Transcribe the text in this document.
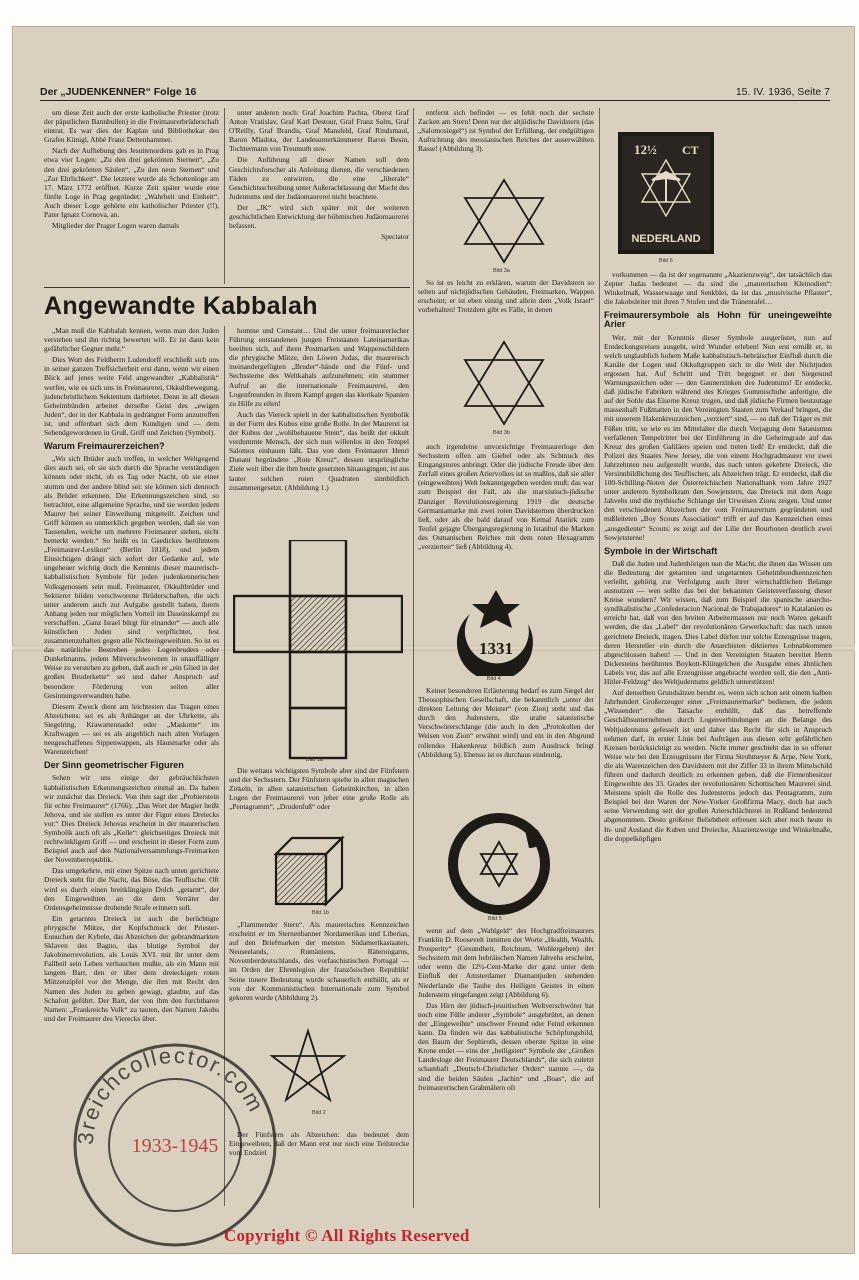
Der „JUDENKENNER“ Folge 16	15. IV. 1936, Seite 7

um diese Zeit auch der erste katholische Priester (trotz der päpstlichen Bannbullen) in die Freimaurerbrüderschaft eintrat. Es war dies der Kaplan und Bibliothekar des Grafen Künigl, Abbé Franz Dettenhammer.

Nach der Aufhebung des Jesuitenordens gab es in Prag etwa vier Logen: „Zu den drei gekrönten Sternen“, „Zu den drei gekrönten Säulen“, „Zu den neun Sternen“ und „Zur Ehrlichkeit“. Die letztere wurde als Schottenloge am 17. März 1772 eröffnet. Kurze Zeit später wurde eine fünfte Loge in Prag gegründet: „Wahrheit und Einheit“. Auch dieser Loge gehörte ein katholischer Priester (!!), Pater Ignatz Cornova, an.

Mitglieder der Prager Logen waren damals

unter anderen noch: Graf Joachim Pachta, Oberst Graf Anton Vratislav, Graf Karl Destour, Graf Franz Salm, Graf O'Reilly, Graf Brandis, Graf Mansfeld, Graf Rindsmaul, Baron Mladota, der Landesunterkämmerer Baron Besin, Tochtermann von Treumuth usw.

Die Anführung all dieser Namen soll dem Geschichtsforscher als Anleitung dienen, die verschiedenen Fäden zu entwirren, die eine „liberale“ Geschichtsschreibung unter Außerachtlassung der Macht des Judentums und der Judäomaurerei nicht beachtete.

Der „JK“ wird sich später mit der weiteren geschichtlichen Entwicklung der böhmischen Judäomaurerei befassen.

Spectator

Angewandte Kabbalah

„Man muß die Kabbalah kennen, wenn man den Juden verstehen und ihn richtig bewerten will. Er ist dann kein gefährlicher Gegner mehr.“

Dies Wort des Feldherrn Ludendorff erschließt sich uns in seiner ganzen Treffsicherheit erst dann, wenn wir einen Blick auf jenes weite Feld angewandter „Kabbalistik“ werfen, wie es sich uns in Freimaurerei, Okkultbewegung, judenchristlichem Sektentum darbietet. Denn in all diesen Geheimbünden arbeitet derselbe Geist des „ewigen Juden“, der in der Kabbala in gedrängter Form anzutreffen ist, und offenbart sich dem Kundigen und — dem Sehendgewordenen in Gruß, Griff und Zeichen (Symbol).

Warum Freimaurerzeichen?

„Wo sich Brüder auch treffen, in welcher Weltgegend dies auch sei, ob sie sich durch die Sprache verständigen können oder nicht, ob es Tag oder Nacht, ob sie einer stumm und der andere blind sei: sie können sich dennoch als Brüder erkennen. Die Erkennungszeichen sind, so betrachtet, eine allgemeine Sprache, und sie werden jedem Maurer bei seiner Einweihung mitgeteilt. Zeichen und Griff können so unmerklich gegeben werden, daß sie von Tausenden, welche um mehrere Freimaurer stehen, nicht bemerkt werden.“ So heißt es in Gaedickes berühmtem „Freimaurer-Lexikon“ (Berlin 1818), und jedem Einsichtigen drängt sich sofort der Gedanke auf, wie ungeheuer wichtig doch die Kenntnis dieser maurerisch-kabbalistischen Symbole für jeden judenkennerischen Volksgenossen sein muß. Freimaurer, Okkultbrüder und Sektierer bilden verschworene Brüderschaften, die sich unter anderem auch zur Aufgabe gestellt haben, ihrem Anhang jeden nur möglichen Vorteil im Daseinskampf zu verschaffen. „Ganz Israel bürgt für einander“ — auch alle künstlichen Juden sind verpflichtet, fest zusammenzuhalten gegen alle Nichteingeweihten. So ist es das natürliche Bestreben jedes Logenbruders oder Dunkelmanns, jedem Mitverschworenen in unauffälliger Weise zu verstehen zu geben, daß auch er „ein Glied in der großen Bruderkette“ sei und daher Anspruch auf besondere Förderung von seiten aller Gesinnungsverwandten habe.

Diesem Zweck dient am leichtesten das Tragen eines Abzeichens: sei es als Anhänger an der Uhrkette, als Siegelring, Krawattennadel oder „Maskotte“ im Kraftwagen — sei es als angeblich nach alten Vorlagen neugeschaffenes Sippenwappen, als Hausmarke oder als Warenzeichen!

Der Sinn geometrischer Figuren

Sehen wir uns einige der gebräuchlichsten kabbalistischen Erkennungszeichen einmal an. Da haben wir zunächst das Dreieck. Von ihm sagt der „Probierstein für echte Freimaurer“ (1766): „Das Wort der Magier heißt Jehova, und sie stellen es unter der Figur eines Dreiecks vor.“ Dies Dreieck Jehovas erscheint in der maurerischen Symbolik auch oft als „Kelle“: gleichseitiges Dreieck mit rechtwinkligem Griff — und erscheint in dieser Form zum Beispiel auch auf den Nationalversammlungs-Freimarken der Novemberrepublik.

Das umgekehrte, mit einer Spitze nach unten gerichtete Dreieck steht für die Nacht, das Böse, das Teuflische. Oft wird es durch einen breitklingigen Dolch „getarnt“, der den Eingeweihten an die dem Verräter der Ordensgeheimnisse drohende Strafe erinnern soll.

Ein getarntes Dreieck ist auch die berüchtigte phrygische Mütze, der Kopfschmuck der Priester-Eunuchen der Kybele, das Abzeichen der gebrandmarkten Sklaven des Bagno, das blutige Symbol der Jakobinerrevolution, als Louis XVI. mit ihr unter dem Fallbeil sein Leben verhauchen mußte, als ein Mann mit langem Bart, den er über dem dreieckigen roten Mützenzipfel vor der Menge, die ihm mit Recht den Namen des Juden zu geben gewagt, glaubte, auf das Schafott geführt. Der Bart, der von ihm den furchtbaren Namen: „Frankreichs Volk“ zu tauten, den Namen Jakobs und der Freimaurer des Vierecks über.

homme und Constant… Und die unter freimaurerischer Führung entstandenen jungen Freistaaten Lateinamerikas beeilten sich, auf ihren Postmarken und Wappenschildern die phrygische Mütze, den Löwen Judas, die maurerisch ineinandergefügten „Bruder“-hände und die Fünf- und Sechssterne des Weltkahals aufzunehmen; ein stummer Aufruf an die internationale Freimaurerei, den Logenfreunden in ihrem Kampf gegen das klerikale Spanien zu Hilfe zu eilen!

Auch das Viereck spielt in der kabbalistischen Symbolik in der Form des Kubus eine große Rolle. In der Maurerei ist der Kubus der „wohlbehauene Stein“, das heißt der okkult verdummte Mensch, der sich nun willenlos in den Tempel Salomos einbauen läßt. Das von dem Freimaurer Henri Dunant begründete „Rote Kreuz“, dessen ursprüngliche Ziele weit über die ihm heute gesetzten hinausgingen, ist aus lauter solchen roten Quadraten sinnbildlich zusammengesetzt. (Abbildung 1.)

Bild 1a

Die weitaus wichtigsten Symbole aber sind der Fünfstern und der Sechsstern. Der Fünfstern spielte in allen magischen Zirkeln, in allen satanistischen Geheimkirchen, in allen Logen der Freimaurerei von jeher eine große Rolle als „Pentagramm“, „Drudenfuß“ oder

Bild 1b

„Flammender Stern“. Als maurerisches Kennzeichen erscheint er im Sternenbanner Nordamerikas und Liberias, auf den Briefmarken der meisten Südamerikastaaten, Neuseelands, Rumäniens, Räterungarns, Novemberdeutschlands, des vorfaschistischen Portugal — im Orden der Ehrenlegion der französischen Republik! Seine innere Bedeutung wurde schauerlich enthüllt, als er von der Kommunistischen Internationale zum Symbol gekoren wurde (Abbildung 2).

Bild 2

Der Fünfstern als Abzeichen: das bedeutet dem Eingeweihten, daß der Mann erst nur noch eine Teilstrecke vom Endziel

entfernt sich befindet — es fehlt noch der sechste Zacken am Stern! Denn nur der altjüdische Davidstern (das „Salomosiegel“) ist Symbol der Erfüllung, der endgültigen Aufrichtung des messianischen Reiches der auserwählten Rasse! (Abbildung 3).

Bild 3a

So ist es leicht zu erklären, warum der Davidstern so selten auf nichtjüdischen Gebäuden, Freimarken, Wappen erscheint; er ist eben einzig und allein dem „Volk Israel“ vorbehalten! Trotzdem gibt es Fälle, in denen

Bild 3b

auch irgendeine unvorsichtige Freimaurerloge den Sechsstern offen am Giebel oder als Schmuck des Eingangstores anbringt. Oder die jüdische Freude über den Zerfall eines großen Ariervolkes ist so maßlos, daß sie aller (eingeweihten) Welt bekanntgegeben werden muß; das war zum Beispiel der Fall, als die marxistisch-jüdische Danziger Revolutionsregierung 1919 die deutsche Germaniamarke mit zwei roten Davidsternen überdrucken ließ, oder als die bald darauf von Kemal Atatürk zum Teufel gejagte Übergangsregierung in Istanbul die Marken des Osmanischen Reiches mit dem roten Hexagramm „verzierten“ ließ (Abbildung 4).

1331
Bild 4

Keiner besonderen Erläuterung bedarf es zum Siegel der Theosophischen Gesellschaft, die bekanntlich „unter der direkten Leitung der Meister“ (von Zion) steht und das durch den Judenstern, die uralte satanistische Verschwörerschlange (die auch in den „Protokollen der Weisen von Zion“ erwähnt wird) und ein in den Abgrund rollendes Hakenkreuz bildlich zum Ausdruck bringt (Abbildung 5). Ebenso ist es durchaus eindeutig,

Bild 5

wenn auf dem „Wahlgeld“ des Hochgradfreimaurers Franklin D. Roosevelt inmitten der Worte „Health, Wealth, Prosperity“ (Gesundheit, Reichtum, Wohlergehen) der Sechsstern mit dem hebräischen Namen Jahvehs erscheint, oder wenn die 12½-Cent-Marke der ganz unter dem Einfluß der Amsterdamer Diamantjuden stehenden Niederlande die Taube des Heiligen Geistes in einen Judenstern eingefangen zeigt (Abbildung 6).

Das Hirn der jüdisch-jesuitischen Weltverschwörer hat noch eine Fülle anderer „Symbole“ ausgebrütet, an denen der „Eingeweihte“ unschwer Freund oder Feind erkennen kann. Da finden wir das kabbalistische Schöpfungsbild, den Baum der Sephiroth, dessen oberste Spitze in eine Krone endet — eins der „heiligsten“ Symbole der „Großen Landesloge der Freimaurer Deutschlands“, die sich zuletzt schamhaft „Deutsch-Christlicher Orden“ nannte —, da sind die beiden Säulen „Jachin“ und „Boas“, die auf freimaurerischen Grabmälern oft

12½ CT
NEDERLAND
Bild 6

vorkommen — da ist der sogenannte „Akazienzweig“, der tatsächlich das Zepter Judas bedeutet — da sind die „maurerischen Kleinodien“: Winkelmaß, Wasserwaage und Senkblei, da ist das „musivische Pflaster“, die Jakobsleiter mit ihren 7 Stufen und die Tränentafel…

Freimaurersymbole als Hohn für uneingeweihte Arier

Wer, mit der Kenntnis dieser Symbole ausgerüstet, nun auf Entdeckungsreisen ausgeht, wird Wunder erleben! Nun erst ermißt er, in welch unglaublich hohem Maße kabbalistisch-hebräischer Einfluß durch die Kanäle der Logen und Okkultgruppen sich in die Welt der Nichtjuden ergossen hat. Auf Schritt und Tritt begegnet er den Siegesund Warnungszeichen oder — den Gaunerzinken des Judentums! Er entdeckt, daß jüdische Fabriken während des Krieges Gummischuhe anfertigte, die auf der Sohle das Eiserne Kreuz trugen, und daß jüdische Firmen heutzutage massenhaft Fußmatten in den Vereinigten Staaten zum Verkauf bringen, die mit unserem Hakenkreuzzeichen „verziert“ sind, — so daß der Träger es mit Füßen tritt, so wie es im Mittelalter die durch Verjagung dem Satanismus verfallenen Tempelritter bei der Einführung in die Geheimgrade auf das Kreuz des großen Galiläers speien und treten ließ! Er entdeckt, daß die Polizei des Staates New Jersey, die von einem Hochgradmaurer vor zwei Jahrzehnten neu aufgestellt wurde, das nach unten gekehrte Dreieck, die Versinnbildlichung des Teuflischen, als Abzeichen trägt. Er entdeckt, daß die 100-Schilling-Noten der Österreichischen Nationalbank vom Jahre 1927 unter anderem Symbolkram den Sowjetstern, das Dreieck mit dem Auge Jahvehs und die mythische Schlange der Urweisen Zions zeigen. Und unter den verschiedenen Abzeichen der vom Freimaurertum gegründeten und mißleiteten „Boy Scouts Association“ trifft er auf das Kennzeichen eines „ausgediente“ Scouts: es zeigt auf der Lilie der Bourbonen deutlich zwei Sowjetsterne!

Symbole in der Wirtschaft

Daß die Juden und Judenhörigen nun die Macht, die ihnen das Wissen um die Bedeutung der getarnten und ungetarnten Geheimbundkennzeichen verleiht, gehörig zur Verfolgung auch ihrer wirtschaftlichen Belange ausnutzen — wen sollte das bei der bekannten Geistesverfassung dieser Kreise wundern? Wir wissen, daß zum Beispiel die spanische anarcho-syndikalistische „Confederacion Nacional de Trabajadores“ in Katalanien es erreicht hat, daß von den breiten Arbeitermassen nur noch Waren gekauft werden, die das „Label“ der revolutionären Gewerkschaft: das nach unten gerichtete Dreieck, tragen. Dies Label dürfen nur solche Erzeugnisse tragen, deren Hersteller ein durch die Anarchisten diktiertes Lohnabkommen abgeschlossen haben! — Und in den Vereinigten Staaten bereitet Herrn Dickesteins berühmtes Boykott-Klüngelchen die Ausgabe eines ähnlichen Labels vor, das auf alle Erzeugnisse angebracht werden soll, die den „Anti-Hitler-Feldzug“ des Weltjudentums geldlich unterstützen!

Auf denselben Grundsätzen beruht es, wenn sich schon seit einem halben Jahrhundert Großerzeuger einer „Freimaurermarke“ bedienen, die jedem „Wissenden“ die Tatsache enthüllt, daß das betreffende Geschäftsunternehmen durch Logenverbindungen an die Belange des Weltjudentums gefesselt ist und daher das Recht für sich in Anspruch nehmen darf, in erster Linie bei Aufträgen aus diesen sehr gefährlichen Kreisen berücksichtigt zu werden. Nicht immer geschieht das in so offener Weise wie bei den Erzeugnissen der Firma Strohmeyer & Arpe, New York, die als Warenzeichen den Davidstern mit der Ziffer 33 in ihrem Mittelschild führen und dadurch deutlich zu erkennen geben, daß die Firmenbesitzer Eingeweihte des 33. Grades der revolutionären Schottischen Maurerei sind. Meistens spielt die Rolle des Judensterns jedoch das Pentagramm, zum Beispiel bei den Waren der New-Yorker Großfirma Macy, doch hat auch seine Verwendung seit der großen Arierschlächterei in Rußland bedeutend abgenommen. Desto größerer Beliebtheit erfreuen sich aber noch heute in In- und Ausland die Kuben und Dreiecke, Akazienzweige und Winkelmaße, die doppelköpfigen

3reichcollector.com
1933-1945
Copyright © All Rights Reserved
